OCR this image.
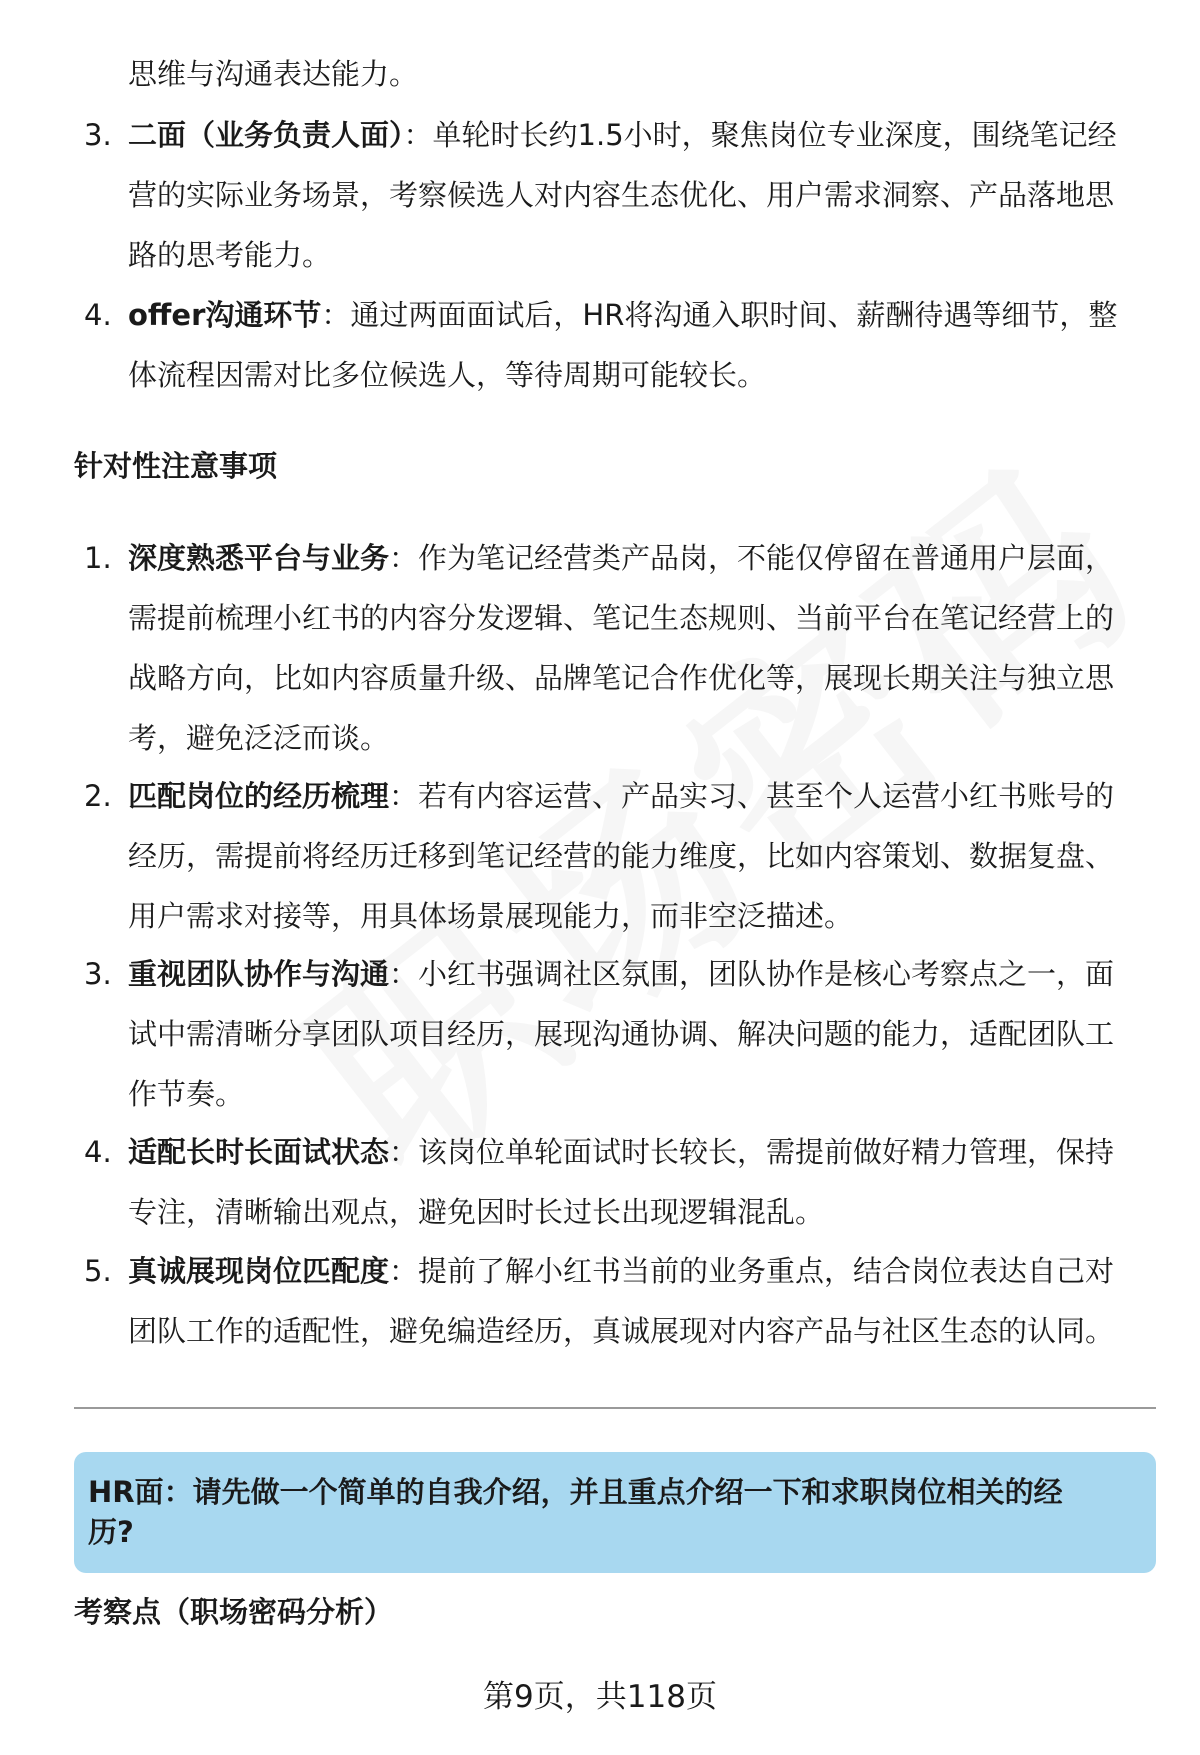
思维与沟通表达能力。
3. 二面（业务负责人面）：单轮时长约1.5小时，聚焦岗位专业深度，围绕笔记经
营的实际业务场景，考察候选人对内容生态优化、用户需求洞察、产品落地思
路的思考能力。
4. offer沟通环节：通过两面面试后，HR将沟通入职时间、薪酬待遇等细节，整
体流程因需对比多位候选人，等待周期可能较长。
针对性注意事项
1. 深度熟悉平台与业务：作为笔记经营类产品岗，不能仅停留在普通用户层面，
需提前梳理小红书的内容分发逻辑、笔记生态规则、当前平台在笔记经营上的
战略方向，比如内容质量升级、品牌笔记合作优化等，展现长期关注与独立思
考，避免泛泛而谈。
2. 匹配岗位的经历梳理：若有内容运营、产品实习、甚至个人运营小红书账号的
经历，需提前将经历迁移到笔记经营的能力维度，比如内容策划、数据复盘、
用户需求对接等，用具体场景展现能力，而非空泛描述。
3. 重视团队协作与沟通：小红书强调社区氛围，团队协作是核心考察点之一，面
试中需清晰分享团队项目经历，展现沟通协调、解决问题的能力，适配团队工
作节奏。
4. 适配长时长面试状态：该岗位单轮面试时长较长，需提前做好精力管理，保持
专注，清晰输出观点，避免因时长过长出现逻辑混乱。
5. 真诚展现岗位匹配度：提前了解小红书当前的业务重点，结合岗位表达自己对
团队工作的适配性，避免编造经历，真诚展现对内容产品与社区生态的认同。
HR面：请先做一个简单的自我介绍，并且重点介绍一下和求职岗位相关的经
历?
考察点（职场密码分析）
第9页，共118页
